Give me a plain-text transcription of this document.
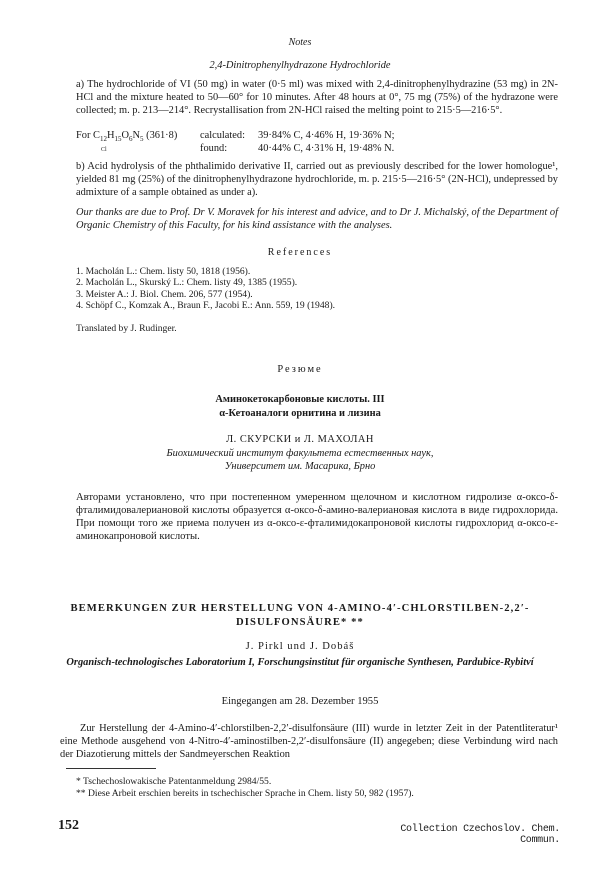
Notes
2,4-Dinitrophenylhydrazone Hydrochloride
a) The hydrochloride of VI (50 mg) in water (0·5 ml) was mixed with 2,4-dinitrophenylhydrazine (53 mg) in 2N-HCl and the mixture heated to 50—60° for 10 minutes. After 48 hours at 0°, 75 mg (75%) of the hydrazone were collected; m. p. 213—214°. Recrystallisation from 2N-HCl raised the melting point to 215·5—216·5°.
For $C_{12}H_{15}O_6N_5$ (361·8)
Cl
calculated: 39·84% C, 4·46% H, 19·36% N;
found:	40·44% C, 4·31% H, 19·48% N.
b) Acid hydrolysis of the phthalimido derivative II, carried out as previously described for the lower homologue¹, yielded 81 mg (25%) of the dinitrophenylhydrazone hydrochloride, m. p. 215·5—216·5° (2N-HCl), undepressed by admixture of a sample obtained as under a).
Our thanks are due to Prof. Dr V. Moravek for his interest and advice, and to Dr J. Michalský, of the Department of Organic Chemistry of this Faculty, for his kind assistance with the analyses.
References
1. Macholán L.: Chem. listy 50, 1818 (1956).
2. Macholán L., Skurský L.: Chem. listy 49, 1385 (1955).
3. Meister A.: J. Biol. Chem. 206, 577 (1954).
4. Schöpf C., Komzak A., Braun F., Jacobi E.: Ann. 559, 19 (1948).
Translated by J. Rudinger.
Резюме
Аминокетокарбоновые кислоты. III
α-Кетоаналоги орнитина и лизина
Л. СКУРСКИ и Л. МАХОЛАН
Биохимический институт факультета естественных наук,
Университет им. Масарика, Брно
Авторами установлено, что при постепенном умеренном щелочном и кислотном гидролизе α-оксо-δ-фталимидовалериановой кислоты образуется α-оксо-δ-амино-валериановая кислота в виде гидрохлорида. При помощи того же приема получен из α-оксо-ε-фталимидокапроновой кислоты гидрохлорид α-оксо-ε-аминокапроновой кислоты.
BEMERKUNGEN ZUR HERSTELLUNG VON 4-AMINO-4′-CHLORSTILBEN-2,2′-
DISULFONSÄURE* **
J. Pirkl und J. Dobáš
Organisch-technologisches Laboratorium I, Forschungsinstitut für organische Synthesen, Pardubice-Rybitví
Eingegangen am 28. Dezember 1955
Zur Herstellung der 4-Amino-4′-chlorstilben-2,2′-disulfonsäure (III) wurde in letzter Zeit in der Patentliteratur¹ eine Methode ausgehend von 4-Nitro-4′-aminostilben-2,2′-disulfonsäure (II) angegeben; diese Verbindung wird nach der Diazotierung mittels der Sandmeyerschen Reaktion
* Tschechoslowakische Patentanmeldung 2984/55.
** Diese Arbeit erschien bereits in tschechischer Sprache in Chem. listy 50, 982 (1957).
152	Collection Czechoslov. Chem. Commun.
